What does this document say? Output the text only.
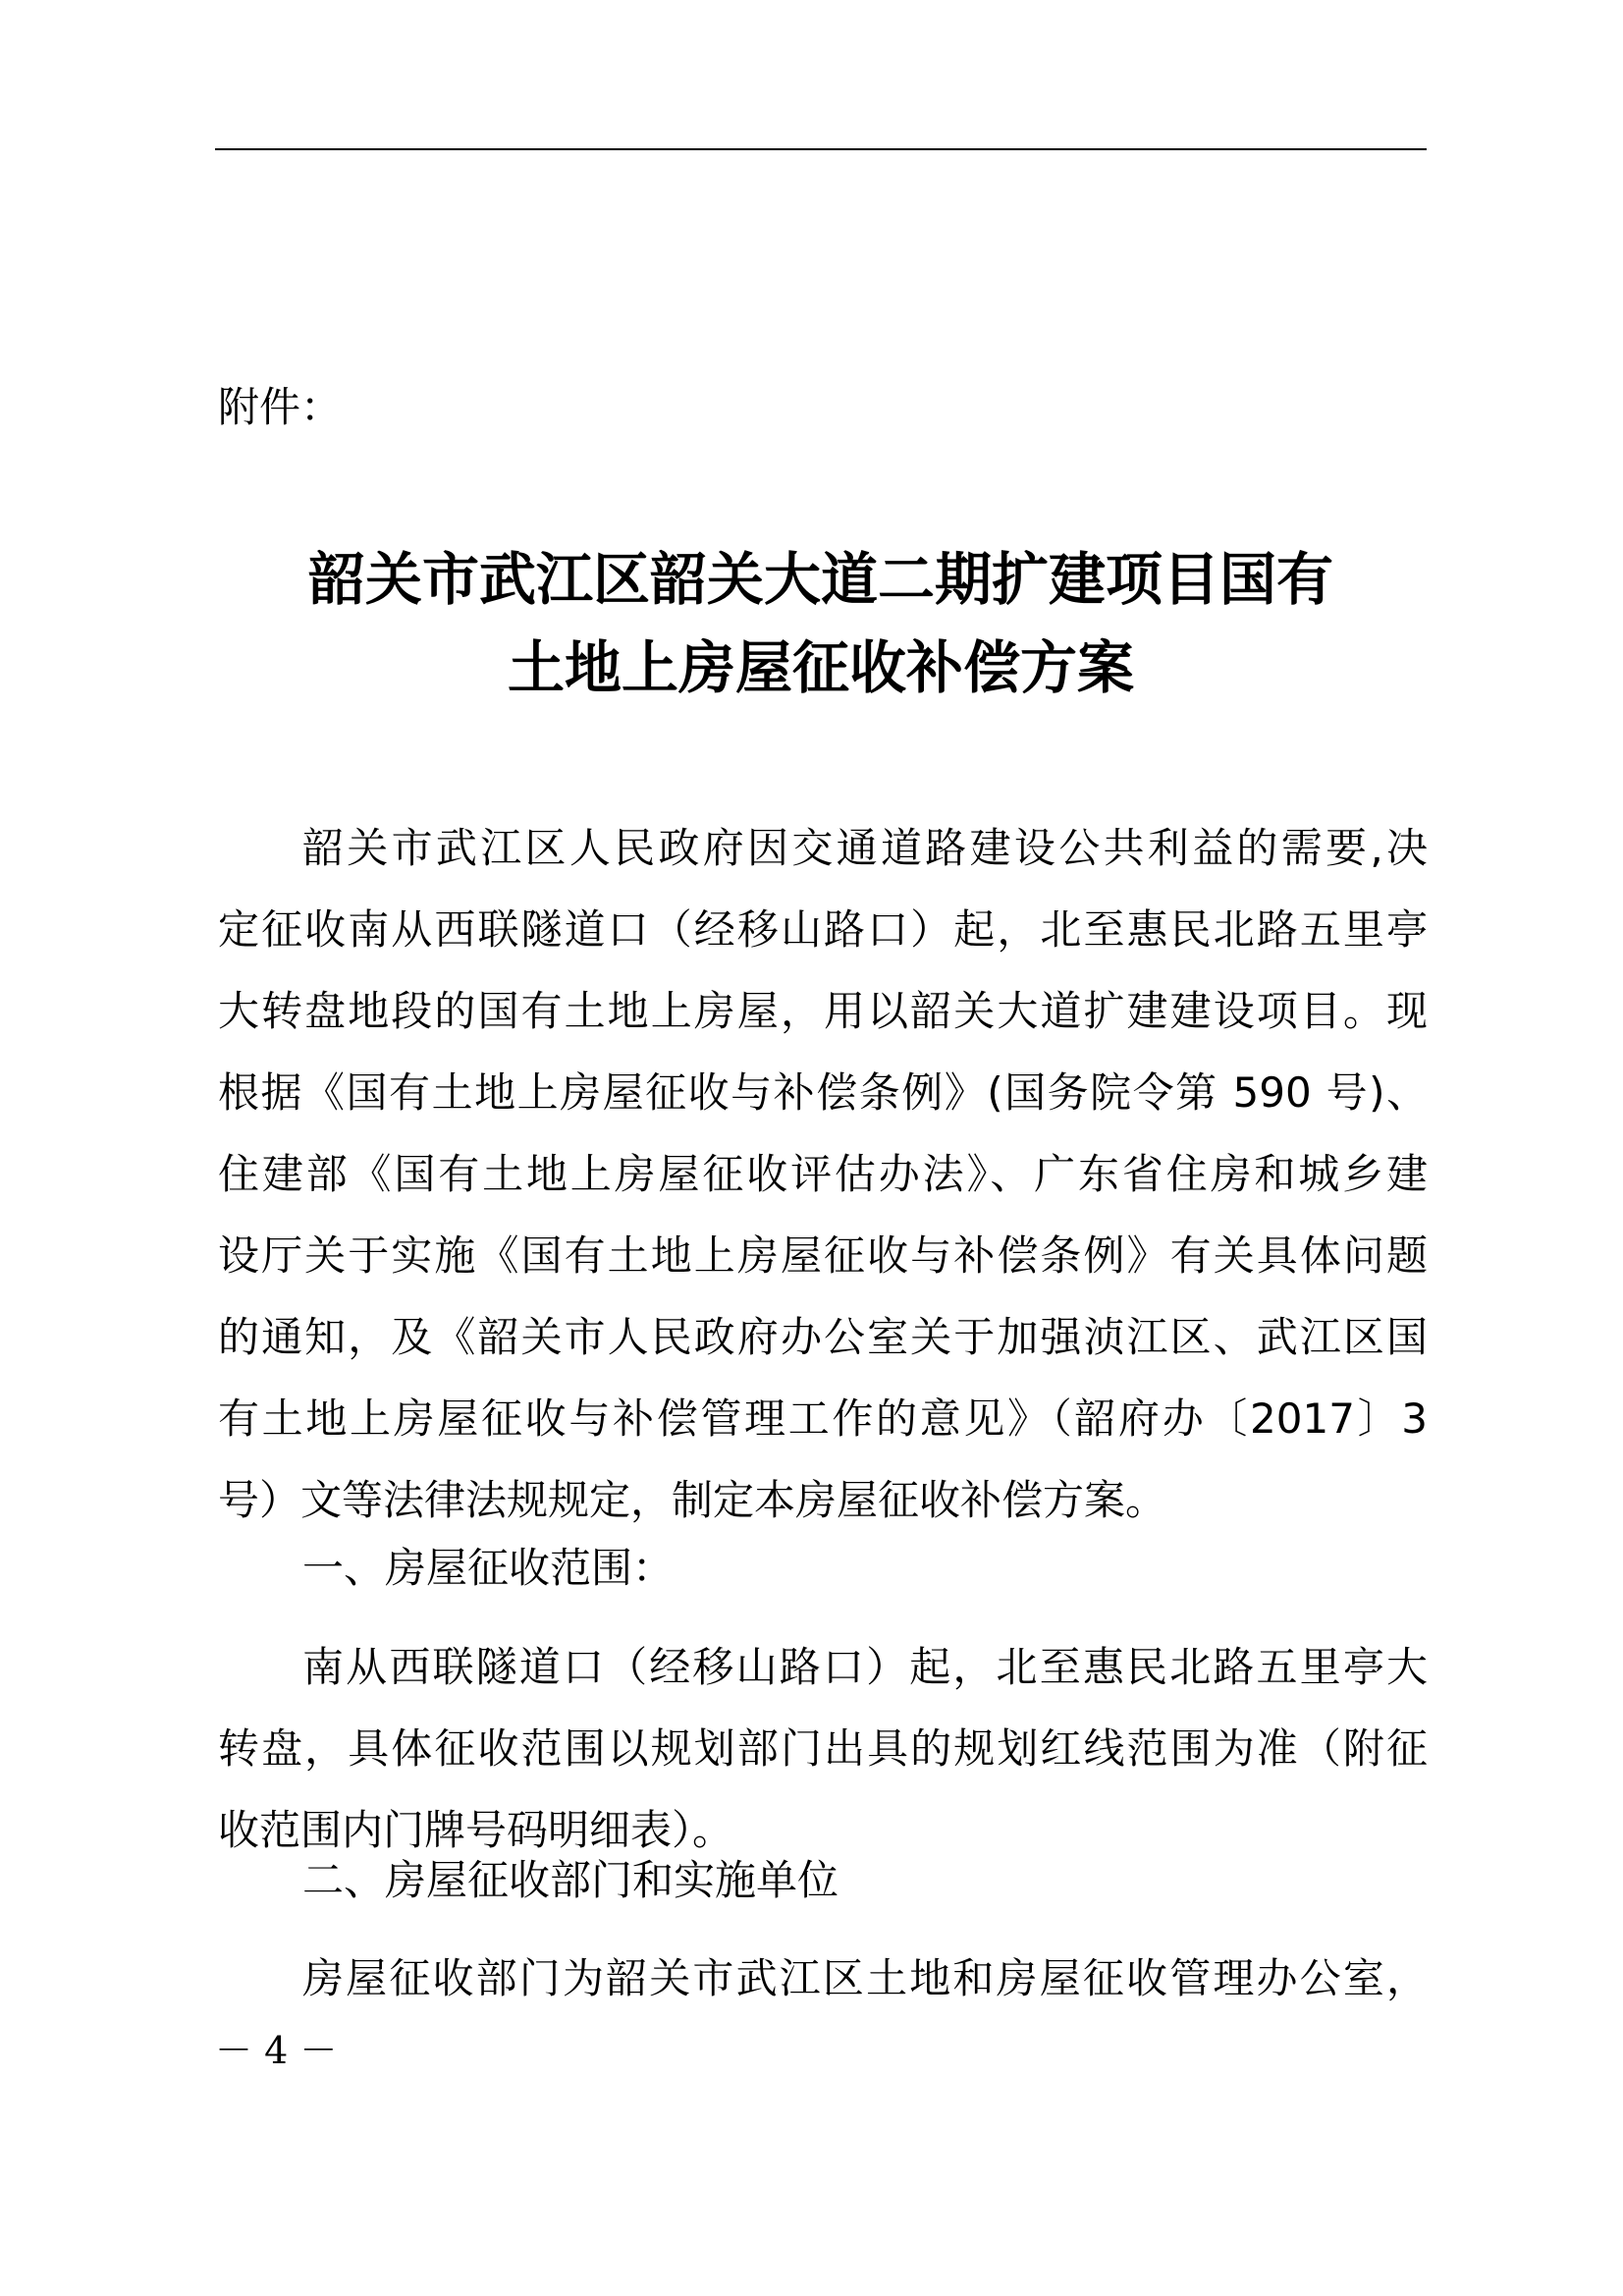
附件：
韶关市武江区韶关大道二期扩建项目国有
土地上房屋征收补偿方案
韶关市武江区人民政府因交通道路建设公共利益的需要,决
定征收南从西联隧道口（经移山路口）起，北至惠民北路五里亭
大转盘地段的国有土地上房屋，用以韶关大道扩建建设项目。现
根据《国有土地上房屋征收与补偿条例》(国务院令第 590 号)、
住建部《国有土地上房屋征收评估办法》、广东省住房和城乡建
设厅关于实施《国有土地上房屋征收与补偿条例》有关具体问题
的通知，及《韶关市人民政府办公室关于加强浈江区、武江区国
有土地上房屋征收与补偿管理工作的意见》（韶府办〔2017〕3
号）文等法律法规规定，制定本房屋征收补偿方案。
一、房屋征收范围：
南从西联隧道口（经移山路口）起，北至惠民北路五里亭大
转盘，具体征收范围以规划部门出具的规划红线范围为准（附征
收范围内门牌号码明细表）。
二、房屋征收部门和实施单位
房屋征收部门为韶关市武江区土地和房屋征收管理办公室，
－ 4 －
